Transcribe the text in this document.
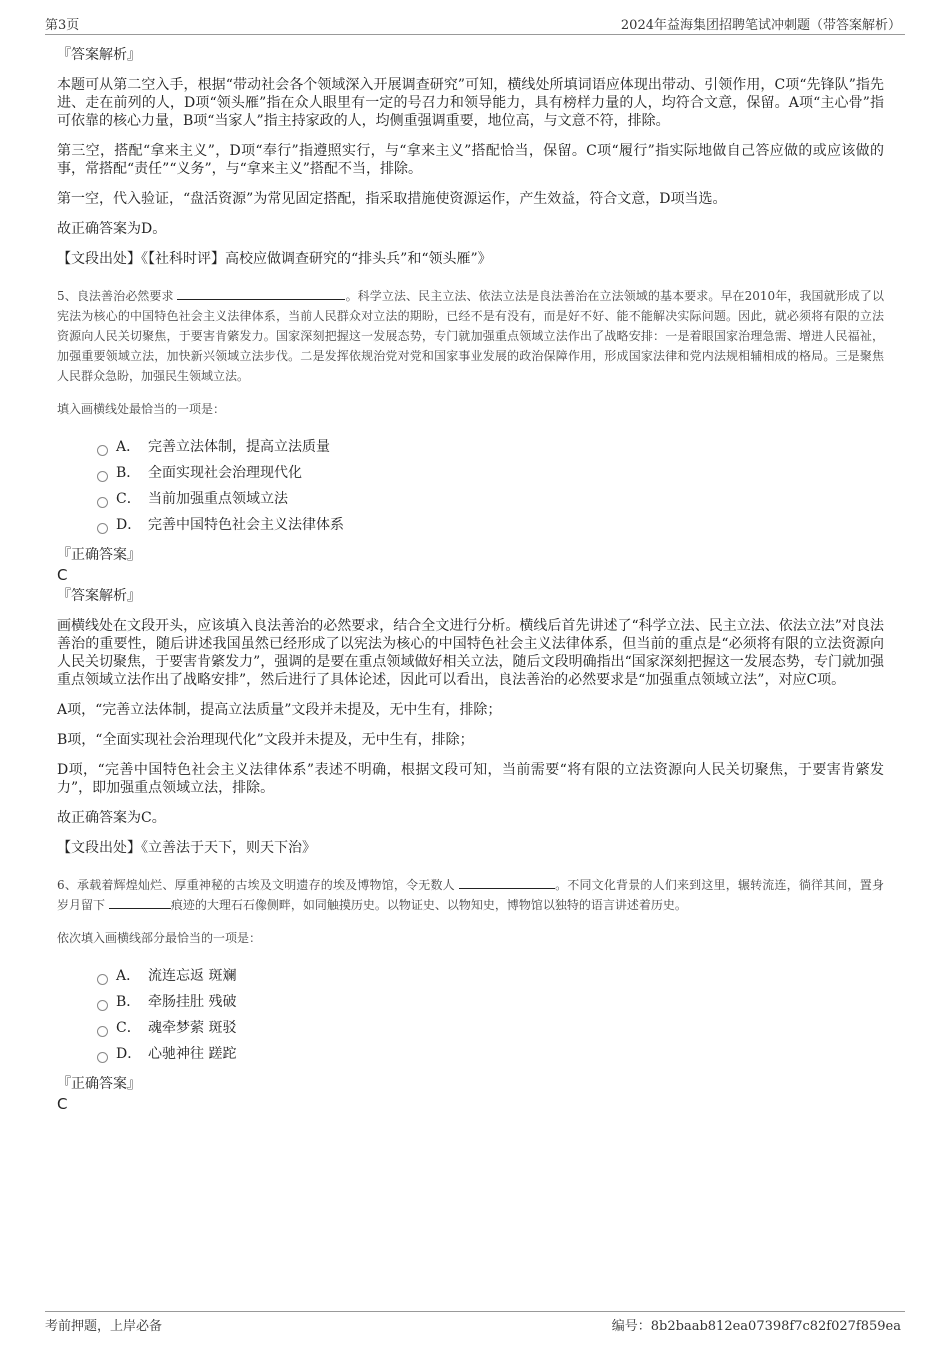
第3页	2024年益海集团招聘笔试冲刺题（带答案解析）
『答案解析』

本题可从第二空入手，根据“带动社会各个领域深入开展调查研究”可知，横线处所填词语应体现出带动、引领作用，C项“先锋队”指先进、走在前列的人，D项“领头雁”指在众人眼里有一定的号召力和领导能力，具有榜样力量的人，均符合文意，保留。A项“主心骨”指可依靠的核心力量，B项“当家人”指主持家政的人，均侧重强调重要，地位高，与文意不符，排除。

第三空，搭配“拿来主义”，D项“奉行”指遵照实行，与“拿来主义”搭配恰当，保留。C项“履行”指实际地做自己答应做的或应该做的事，常搭配“责任”“义务”，与“拿来主义”搭配不当，排除。

第一空，代入验证，“盘活资源”为常见固定搭配，指采取措施使资源运作，产生效益，符合文意，D项当选。

故正确答案为D。

【文段出处】《【社科时评】高校应做调查研究的“排头兵”和“领头雁”》

5、良法善治必然要求	。科学立法、民主立法、依法立法是良法善治在立法领域的基本要求。早在2010年，我国就形成了以宪法为核心的中国特色社会主义法律体系，当前人民群众对立法的期盼，已经不是有没有，而是好不好、能不能解决实际问题。因此，就必须将有限的立法资源向人民关切聚焦，于要害肯綮发力。国家深刻把握这一发展态势，专门就加强重点领域立法作出了战略安排：一是着眼国家治理急需、增进人民福祉，加强重要领域立法，加快新兴领域立法步伐。二是发挥依规治党对党和国家事业发展的政治保障作用，形成国家法律和党内法规相辅相成的格局。三是聚焦人民群众急盼，加强民生领域立法。

填入画横线处最恰当的一项是：

A． 完善立法体制，提高立法质量
B． 全面实现社会治理现代化
C． 当前加强重点领域立法
D． 完善中国特色社会主义法律体系
『正确答案』
C
『答案解析』

画横线处在文段开头，应该填入良法善治的必然要求，结合全文进行分析。横线后首先讲述了“科学立法、民主立法、依法立法”对良法善治的重要性，随后讲述我国虽然已经形成了以宪法为核心的中国特色社会主义法律体系，但当前的重点是“必须将有限的立法资源向人民关切聚焦，于要害肯綮发力”，强调的是要在重点领域做好相关立法，随后文段明确指出“国家深刻把握这一发展态势，专门就加强重点领域立法作出了战略安排”，然后进行了具体论述，因此可以看出，良法善治的必然要求是“加强重点领域立法”，对应C项。

A项，“完善立法体制，提高立法质量”文段并未提及，无中生有，排除；

B项，“全面实现社会治理现代化”文段并未提及，无中生有，排除；

D项，“完善中国特色社会主义法律体系”表述不明确，根据文段可知，当前需要“将有限的立法资源向人民关切聚焦，于要害肯綮发力”，即加强重点领域立法，排除。

故正确答案为C。

【文段出处】《立善法于天下，则天下治》

6、承载着辉煌灿烂、厚重神秘的古埃及文明遗存的埃及博物馆，令无数人	。不同文化背景的人们来到这里，辗转流连，徜徉其间，置身岁月留下	痕迹的大理石石像侧畔，如同触摸历史。以物证史、以物知史，博物馆以独特的语言讲述着历史。

依次填入画横线部分最恰当的一项是：

A． 流连忘返 斑斓
B． 牵肠挂肚 残破
C． 魂牵梦萦 斑驳
D． 心驰神往 蹉跎
『正确答案』
C
考前押题，上岸必备	编号：8b2baab812ea07398f7c82f027f859ea
